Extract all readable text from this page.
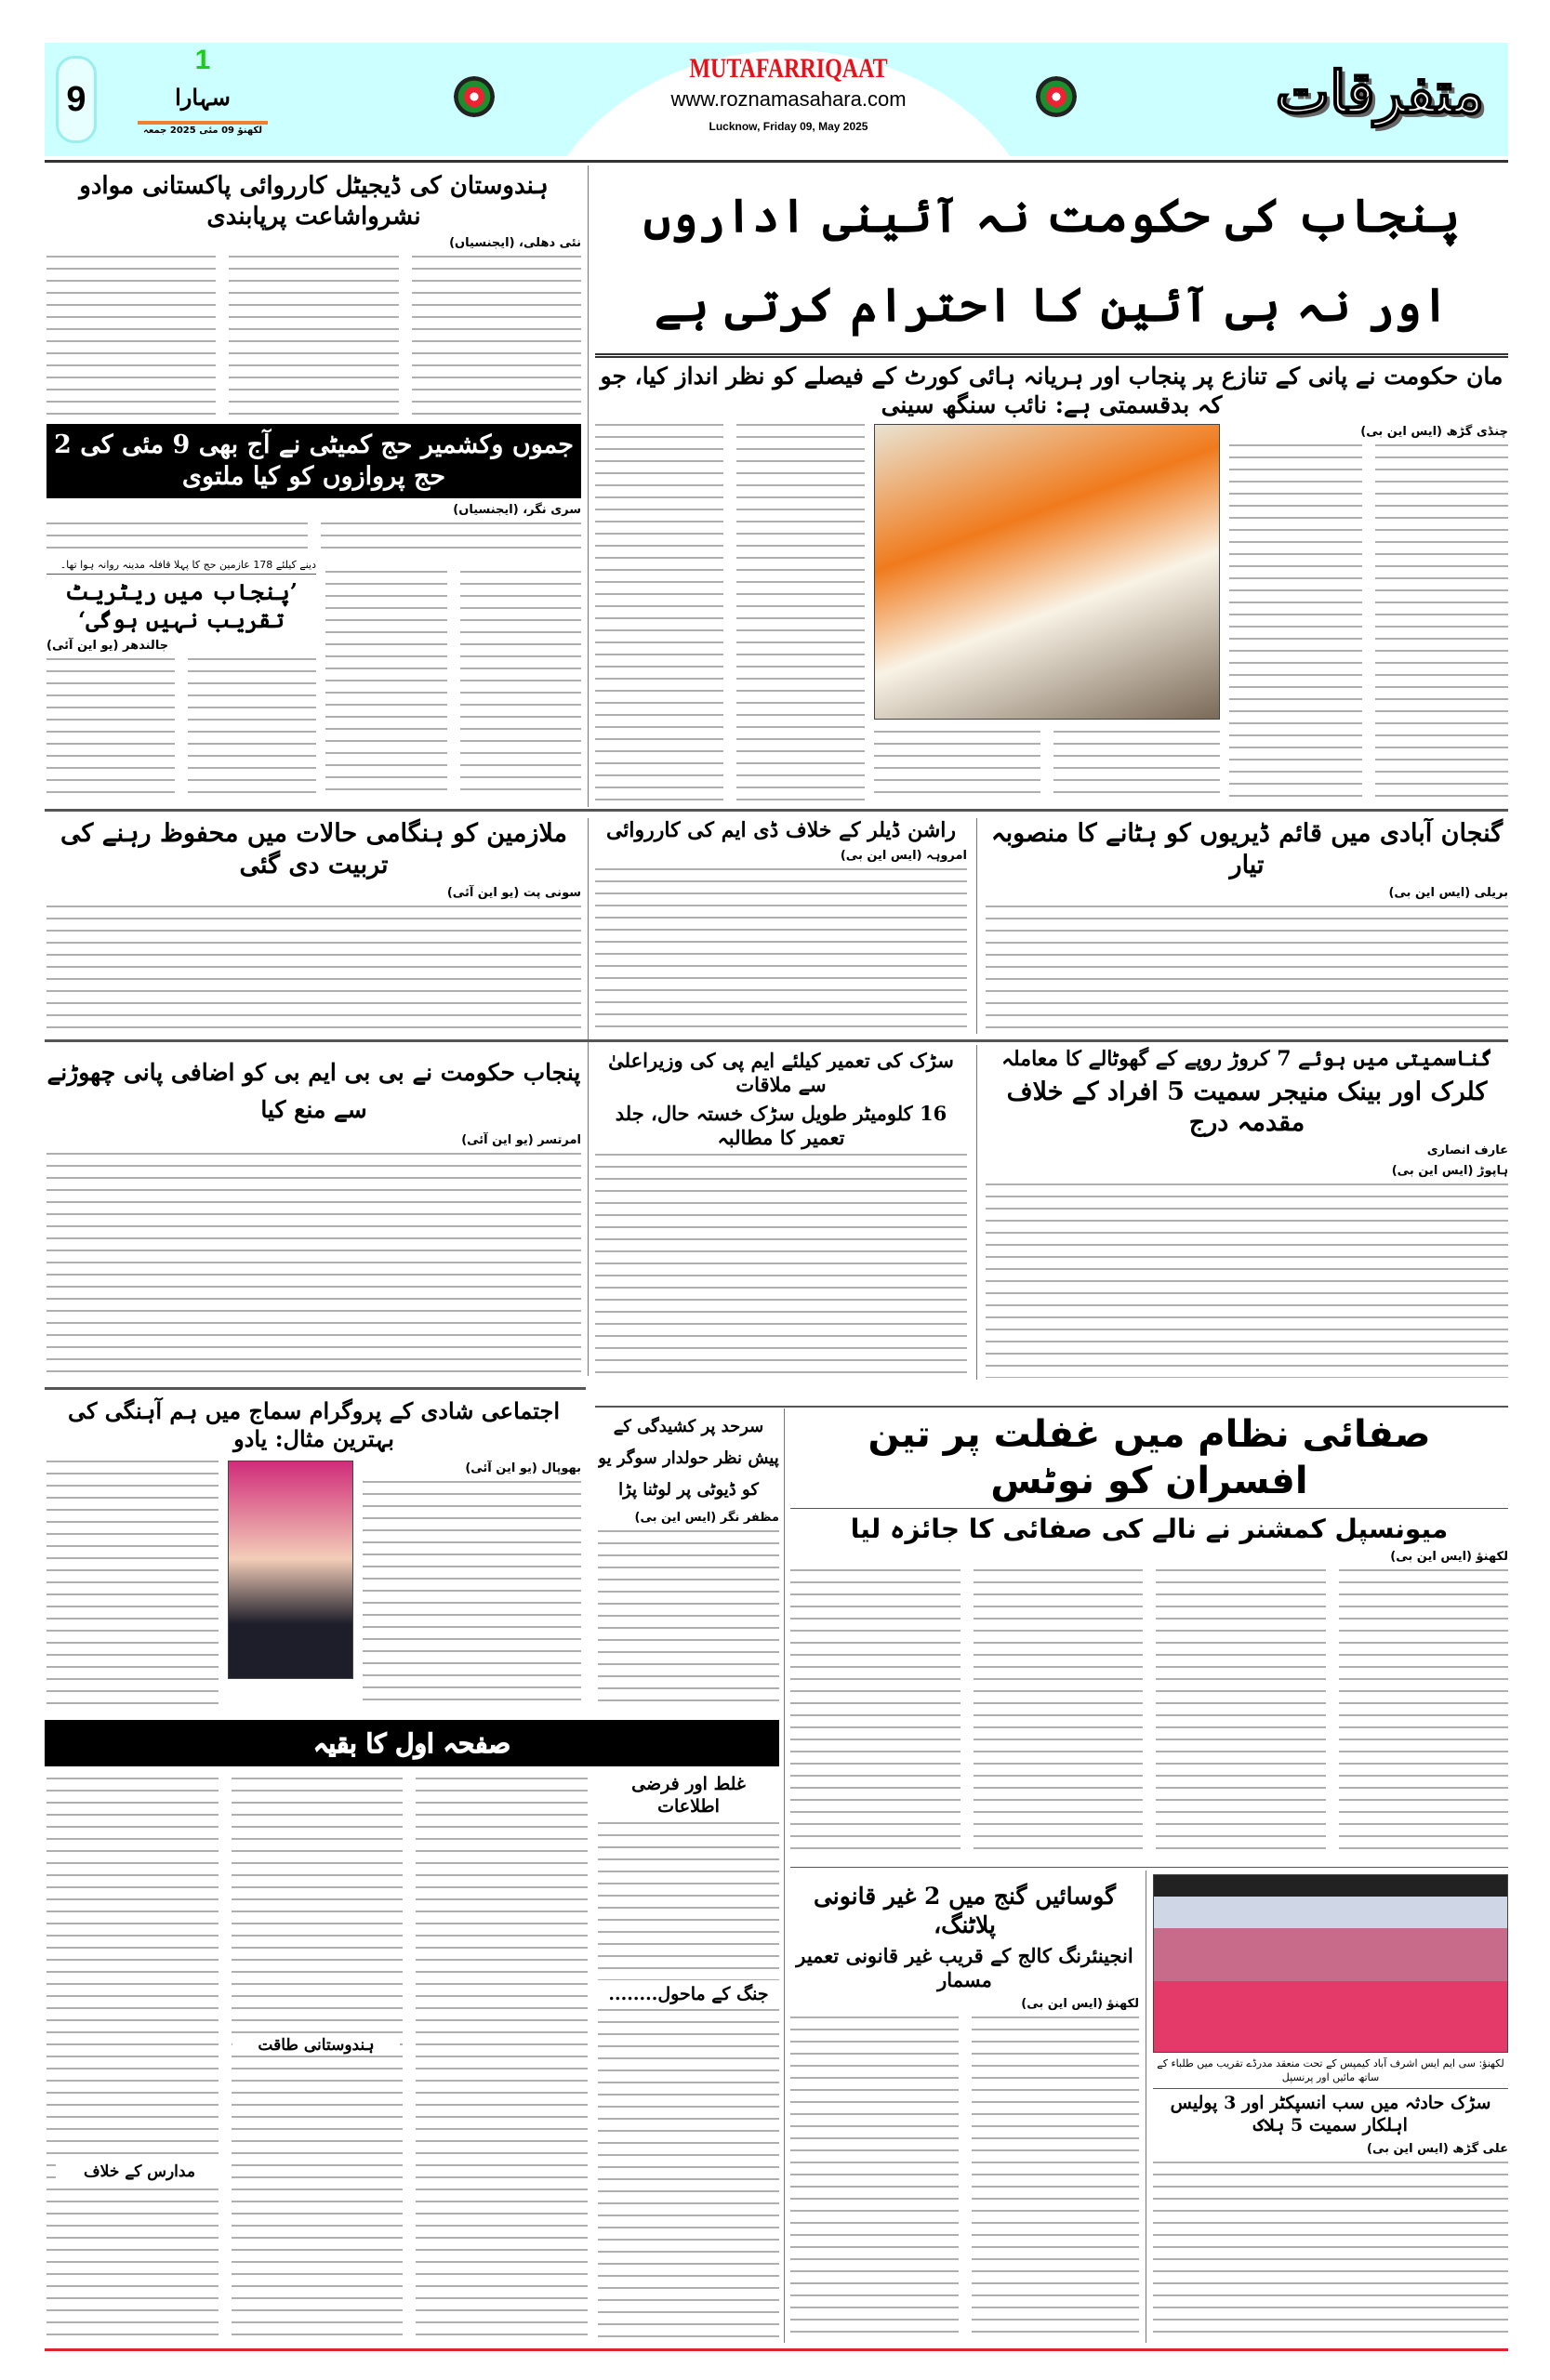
9
1
سہارا
لکھنؤ 09 مئی 2025 جمعہ
MUTAFARRIQAAT
www.roznamasahara.com
Lucknow, Friday 09, May 2025	متفرقات
ہندوستان کی ڈیجیٹل کارروائی پاکستانی موادو نشرواشاعت پرپابندی
نئی دھلی، (ایجنسیاں)
جموں وکشمیر حج کمیٹی نے آج بھی 9 مئی کی 2 حج پروازوں کو کیا ملتوی
سری نگر، (ایجنسیاں)
دینے کیلئے 178 عازمین حج کا پہلا قافلہ مدینہ روانہ ہوا تھا۔
’پنجاب میں ریٹریٹ تقریب نہیں ہوگی‘
جالندھر (یو این آئی)
پنجاب کی حکومت نہ آئینی اداروں اور نہ ہی آئین کا احترام کرتی ہے
مان حکومت نے پانی کے تنازع پر پنجاب اور ہریانہ ہائی کورٹ کے فیصلے کو نظر انداز کیا، جو کہ بدقسمتی ہے: نائب سنگھ سینی
چنڈی گڑھ (ایس این بی)
گنجان آبادی میں قائم ڈیریوں کو ہٹانے کا منصوبہ تیار
بریلی (ایس این بی)
راشن ڈیلر کے خلاف ڈی ایم کی کارروائی
امروہہ (ایس این بی)
ملازمین کو ہنگامی حالات میں محفوظ رہنے کی تربیت دی گئی
سونی پت (یو این آئی)
گناسمیتی میں ہوئے 7 کروڑ روپے کے گھوٹالے کا معاملہ
کلرک اور بینک منیجر سمیت 5 افراد کے خلاف مقدمہ درج
عارف انصاری
ہاپوڑ (ایس این بی)
سڑک کی تعمیر کیلئے ایم پی کی وزیراعلیٰ سے ملاقات
16 کلومیٹر طویل سڑک خستہ حال، جلد تعمیر کا مطالبہ
پنجاب حکومت نے بی بی ایم بی کو اضافی پانی چھوڑنے سے منع کیا
امرتسر (یو این آئی)
صفائی نظام میں غفلت پر تین افسران کو نوٹس
میونسپل کمشنر نے نالے کی صفائی کا جائزہ لیا
لکھنؤ (ایس این بی)
سرحد پر کشیدگی کے پیش نظر حولدار سوگر یو کو ڈیوٹی پر لوٹنا پڑا
مظفر نگر (ایس این بی)
اجتماعی شادی کے پروگرام سماج میں ہم آہنگی کی بہترین مثال: یادو
بھوپال (یو این آئی)
صفحہ اول کا بقیہ
غلط اور فرضی اطلاعات
جنگ کے ماحول........
ہندوستانی طاقت
مدارس کے خلاف
لکھنؤ: سی ایم ایس اشرف آباد کیمپس کے تحت منعقد مدرڈے تقریب میں طلباء کے ساتھ مائیں اور پرنسپل
سڑک حادثہ میں سب انسپکٹر اور 3 پولیس اہلکار سمیت 5 ہلاک
علی گڑھ (ایس این بی)
گوسائیں گنج میں 2 غیر قانونی پلاٹنگ،
انجینئرنگ کالج کے قریب غیر قانونی تعمیر مسمار
لکھنؤ (ایس این بی)
